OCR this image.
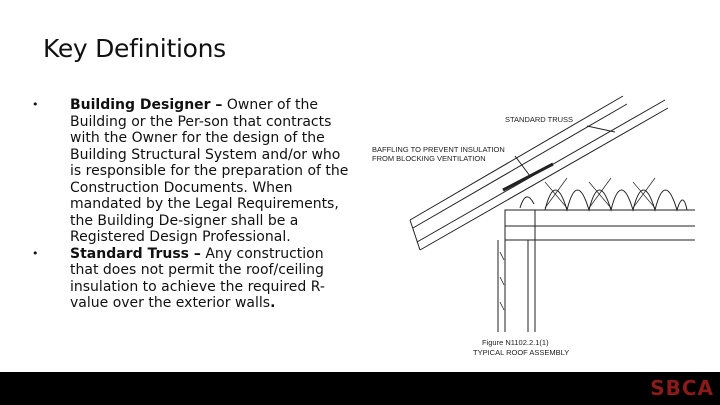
Key Definitions
• Building Designer – Owner of the Building or the Per-son that contracts with the Owner for the design of the Building Structural System and/or who is responsible for the preparation of the Construction Documents. When mandated by the Legal Requirements, the Building De-signer shall be a Registered Design Professional.
• Standard Truss – Any construction that does not permit the roof/ceiling insulation to achieve the required R-value over the exterior walls.
STANDARD TRUSS
BAFFLING TO PREVENT INSULATION
FROM BLOCKING VENTILATION
Figure N1102.2.1(1)
TYPICAL ROOF ASSEMBLY
SBCA
